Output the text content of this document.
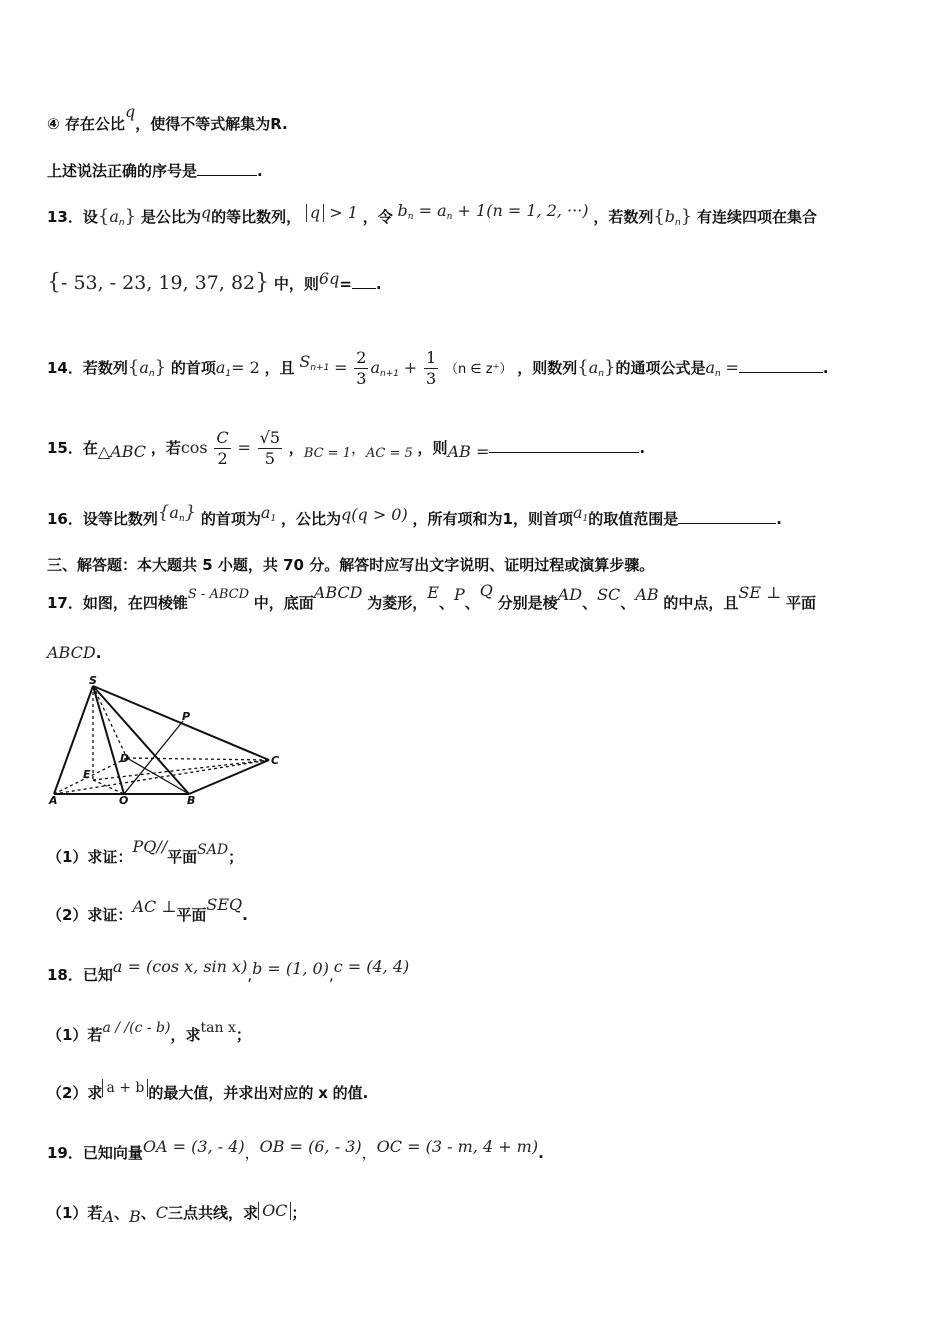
④ 存在公比q，使得不等式解集为R.
上述说法正确的序号是	.
13．设$\{a_n\}$ 是公比为q的等比数列， q > 1 ，令 $b_n = a_n + 1(n = 1$, 2, ···) ，若数列$\{b_n\}$ 有连续四项在集合
{- 53, - 23, 19, 37, 82} 中，则6q= .
14．若数列$\{a_n\}$ 的首项$a_1= 2$ ，且 $S^{n+1} = \frac{2}{3} a_{n+1} + \frac{1}{3} (n$ ∈ z⁺） ，则数列$\{a_n\}$的通项公式是$a_n$ =	.
15．在△ABC ，若$\cos \frac{C}{2} = \frac{√5}{5}$ ，BC = 1，AC = 5 ，则AB =	.
16．设等比数列$\{a_n\}$ 的首项为$a_1$ ，公比为q(q > 0) ，所有项和为1，则首项$a_1$的取值范围是	.
三、解答题：本大题共 5 小题，共 70 分。解答时应写出文字说明、证明过程或演算步骤。
17．如图，在四棱锥S - ABCD 中，底面ABCD 为菱形，E、P、Q 分别是棱AD、SC、AB 的中点，且SE ⊥ 平面
ABCD.
S
P
D	C
E
A	Q	B
（1）求证：PQ//平面SAD；
（2）求证：AC ⊥平面SEQ.
18．已知a = (cos x, sin x),b = (1, 0),c = (4, 4)
（1）若a / /(c - b)，求tan x；
（2）求 a + b 的最大值，并求出对应的 x 的值.
19．已知向量OA = (3, - 4)，OB = (6, - 3)，OC = (3 - m, 4 + m).
（1）若A、B、C三点共线，求 OC ；
